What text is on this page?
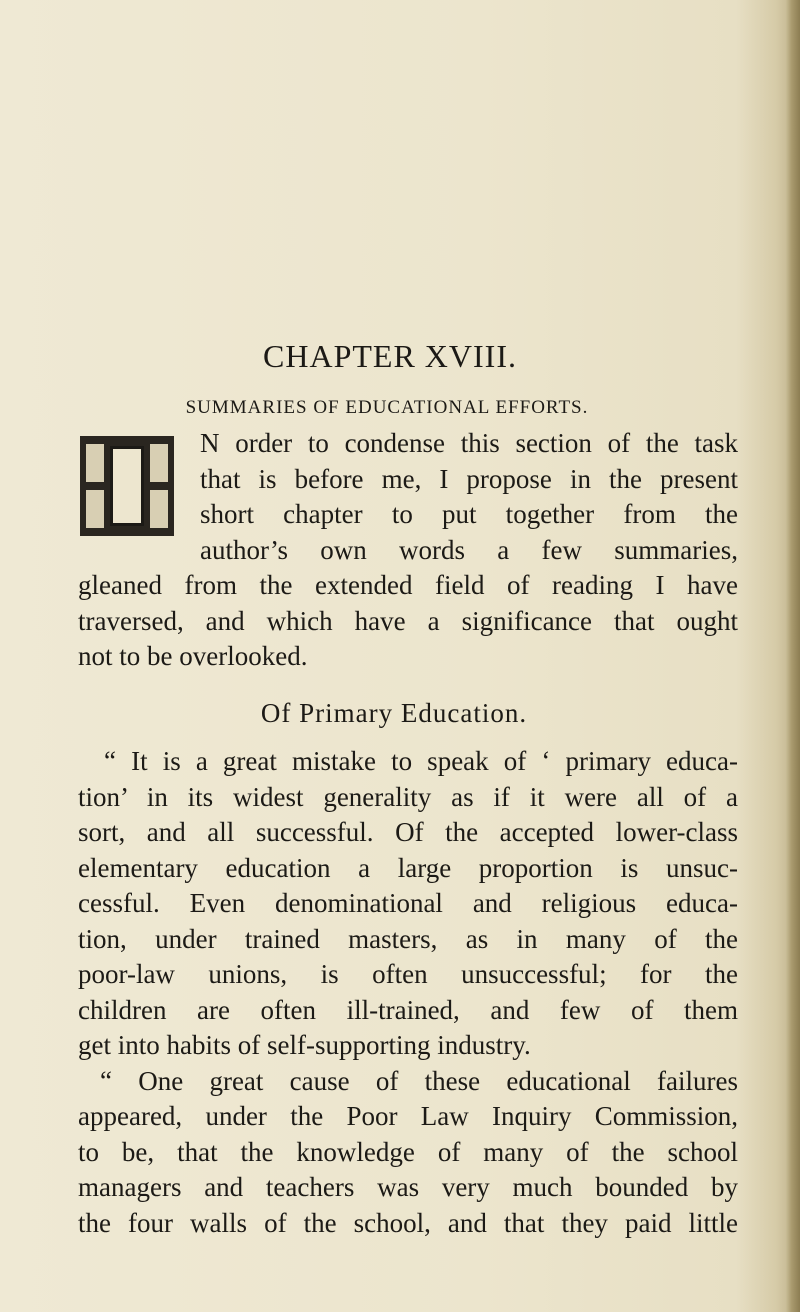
CHAPTER XVIII.
SUMMARIES OF EDUCATIONAL EFFORTS.
N order to condense this section of the task
that is before me, I propose in the present
short chapter to put together from the
author’s own words a few summaries,
gleaned from the extended field of reading I have
traversed, and which have a significance that ought
not to be overlooked.
Of Primary Education.
“ It is a great mistake to speak of ‘ primary educa-
tion’ in its widest generality as if it were all of a
sort, and all successful. Of the accepted lower-class
elementary education a large proportion is unsuc-
cessful. Even denominational and religious educa-
tion, under trained masters, as in many of the
poor-law unions, is often unsuccessful; for the
children are often ill-trained, and few of them
get into habits of self-supporting industry.
“ One great cause of these educational failures
appeared, under the Poor Law Inquiry Commission,
to be, that the knowledge of many of the school
managers and teachers was very much bounded by
the four walls of the school, and that they paid little
